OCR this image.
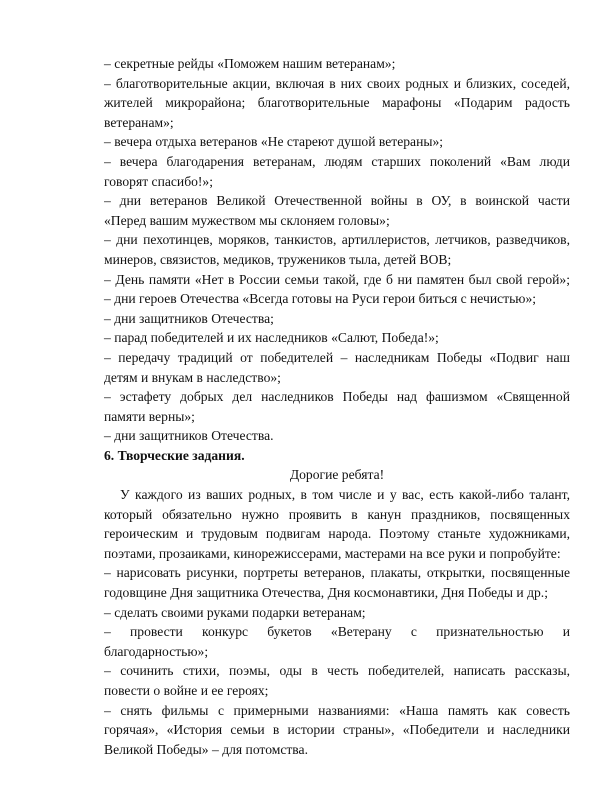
– секретные рейды «Поможем нашим ветеранам»;
– благотворительные акции, включая в них своих родных и близких, соседей,
жителей микрорайона; благотворительные марафоны «Подарим радость
ветеранам»;
– вечера отдыха ветеранов «Не стареют душой ветераны»;
– вечера благодарения ветеранам, людям старших поколений «Вам люди
говорят спасибо!»;
– дни ветеранов Великой Отечественной войны в ОУ, в воинской части
«Перед вашим мужеством мы склоняем головы»;
– дни пехотинцев, моряков, танкистов, артиллеристов, летчиков, разведчиков,
минеров, связистов, медиков, тружеников тыла, детей ВОВ;
– День памяти «Нет в России семьи такой, где б ни памятен был свой герой»;
– дни героев Отечества «Всегда готовы на Руси герои биться с нечистью»;
– дни защитников Отечества;
– парад победителей и их наследников «Салют, Победа!»;
– передачу традиций от победителей – наследникам Победы «Подвиг наш
детям и внукам в наследство»;
– эстафету добрых дел наследников Победы над фашизмом «Священной
памяти верны»;
– дни защитников Отечества.
6. Творческие задания.
Дорогие ребята!
У каждого из ваших родных, в том числе и у вас, есть какой-либо талант,
который обязательно нужно проявить в канун праздников, посвященных
героическим и трудовым подвигам народа. Поэтому станьте художниками,
поэтами, прозаиками, кинорежиссерами, мастерами на все руки и попробуйте:
– нарисовать рисунки, портреты ветеранов, плакаты, открытки, посвященные
годовщине Дня защитника Отечества, Дня космонавтики, Дня Победы и др.;
– сделать своими руками подарки ветеранам;
– провести конкурс букетов «Ветерану с признательностью и
благодарностью»;
– сочинить стихи, поэмы, оды в честь победителей, написать рассказы,
повести о войне и ее героях;
– снять фильмы с примерными названиями: «Наша память как совесть
горячая», «История семьи в истории страны», «Победители и наследники
Великой Победы» – для потомства.
